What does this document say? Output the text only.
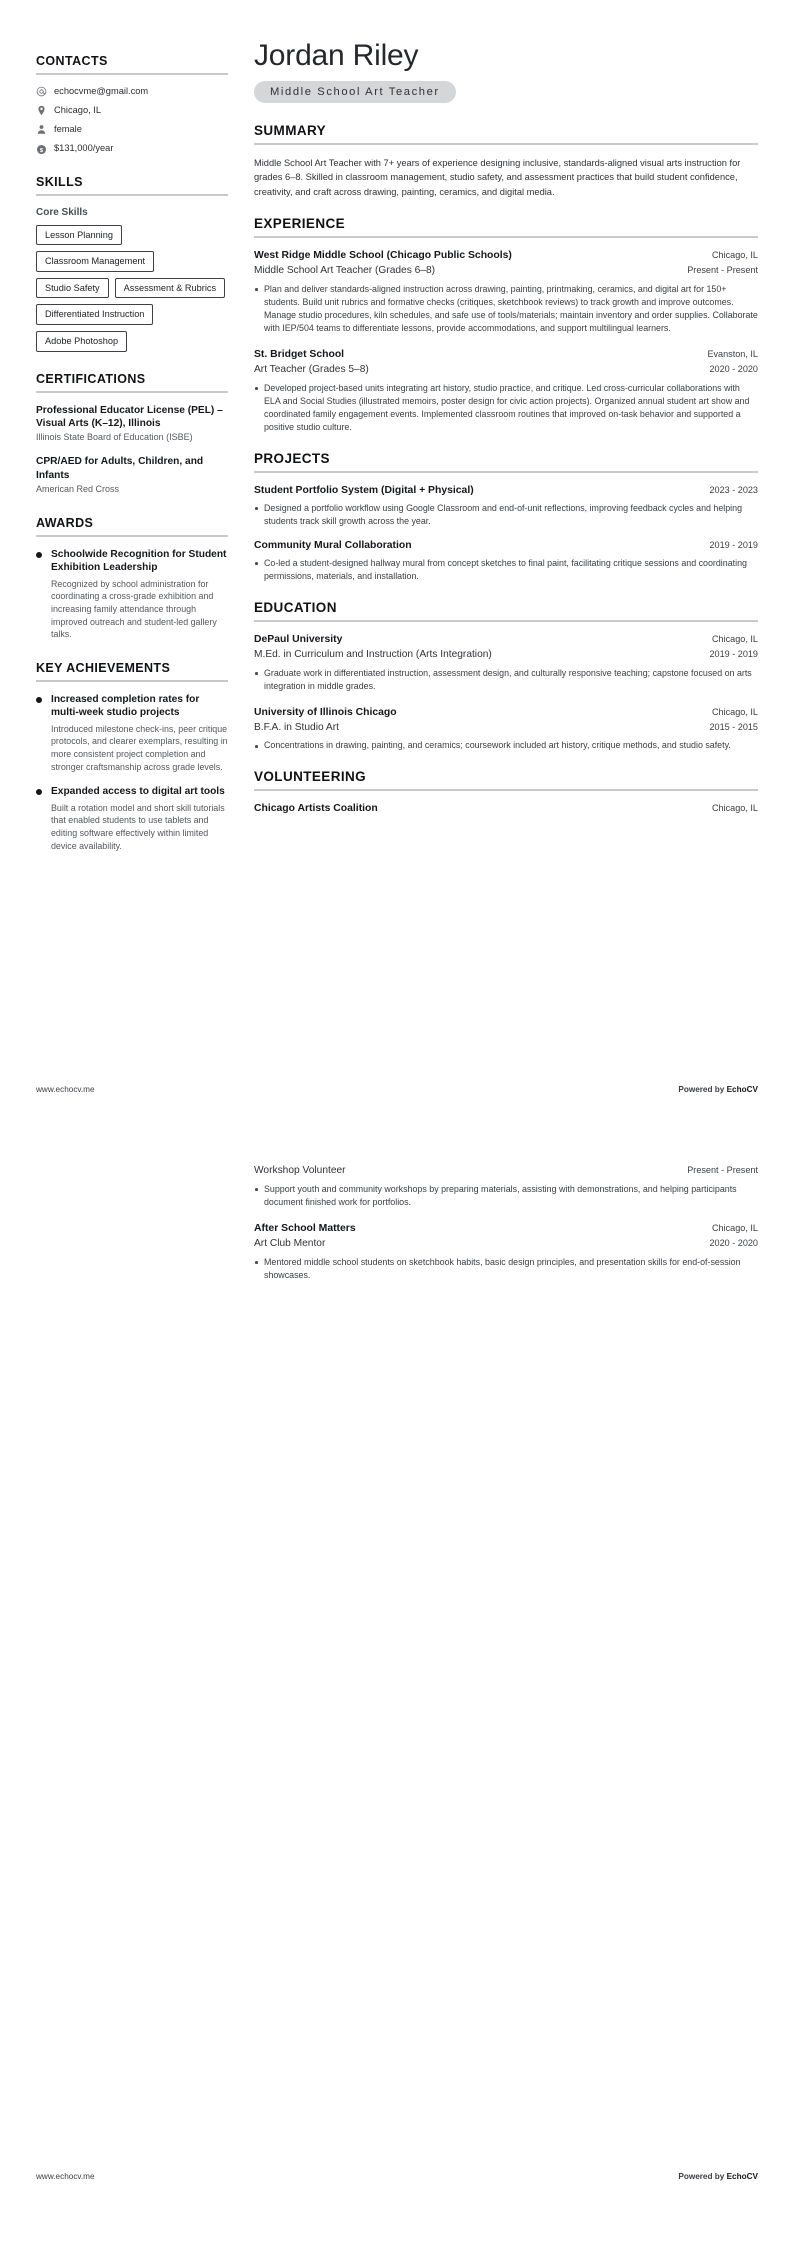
CONTACTS
echocvme@gmail.com
Chicago, IL
female
$ $131,000/year
SKILLS
Core Skills
Lesson Planning
Classroom Management
Studio Safety	Assessment & Rubrics
Differentiated Instruction
Adobe Photoshop
CERTIFICATIONS
Professional Educator License (PEL) – Visual Arts (K–12), Illinois
Illinois State Board of Education (ISBE)
CPR/AED for Adults, Children, and Infants
American Red Cross
AWARDS
Schoolwide Recognition for Student Exhibition Leadership
Recognized by school administration for coordinating a cross-grade exhibition and increasing family attendance through improved outreach and student-led gallery talks.
KEY ACHIEVEMENTS
Increased completion rates for multi-week studio projects
Introduced milestone check-ins, peer critique protocols, and clearer exemplars, resulting in more consistent project completion and stronger craftsmanship across grade levels.
Expanded access to digital art tools
Built a rotation model and short skill tutorials that enabled students to use tablets and editing software effectively within limited device availability.
Jordan Riley
Middle School Art Teacher
SUMMARY
Middle School Art Teacher with 7+ years of experience designing inclusive, standards-aligned visual arts instruction for grades 6–8. Skilled in classroom management, studio safety, and assessment practices that build student confidence, creativity, and craft across drawing, painting, ceramics, and digital media.
EXPERIENCE
West Ridge Middle School (Chicago Public Schools)	Chicago, IL
Middle School Art Teacher (Grades 6–8)	Present - Present
Plan and deliver standards-aligned instruction across drawing, painting, printmaking, ceramics, and digital art for 150+ students. Build unit rubrics and formative checks (critiques, sketchbook reviews) to track growth and improve outcomes. Manage studio procedures, kiln schedules, and safe use of tools/materials; maintain inventory and order supplies. Collaborate with IEP/504 teams to differentiate lessons, provide accommodations, and support multilingual learners.
St. Bridget School	Evanston, IL
Art Teacher (Grades 5–8)	2020 - 2020
Developed project-based units integrating art history, studio practice, and critique. Led cross-curricular collaborations with ELA and Social Studies (illustrated memoirs, poster design for civic action projects). Organized annual student art show and coordinated family engagement events. Implemented classroom routines that improved on-task behavior and supported a positive studio culture.
PROJECTS
Student Portfolio System (Digital + Physical)	2023 - 2023
Designed a portfolio workflow using Google Classroom and end-of-unit reflections, improving feedback cycles and helping students track skill growth across the year.
Community Mural Collaboration	2019 - 2019
Co-led a student-designed hallway mural from concept sketches to final paint, facilitating critique sessions and coordinating permissions, materials, and installation.
EDUCATION
DePaul University	Chicago, IL
M.Ed. in Curriculum and Instruction (Arts Integration)	2019 - 2019
Graduate work in differentiated instruction, assessment design, and culturally responsive teaching; capstone focused on arts integration in middle grades.
University of Illinois Chicago	Chicago, IL
B.F.A. in Studio Art	2015 - 2015
Concentrations in drawing, painting, and ceramics; coursework included art history, critique methods, and studio safety.
VOLUNTEERING
Chicago Artists Coalition	Chicago, IL
www.echocv.me	Powered by EchoCV
Workshop Volunteer	Present - Present
Support youth and community workshops by preparing materials, assisting with demonstrations, and helping participants document finished work for portfolios.
After School Matters	Chicago, IL
Art Club Mentor	2020 - 2020
Mentored middle school students on sketchbook habits, basic design principles, and presentation skills for end-of-session showcases.
www.echocv.me	Powered by EchoCV
